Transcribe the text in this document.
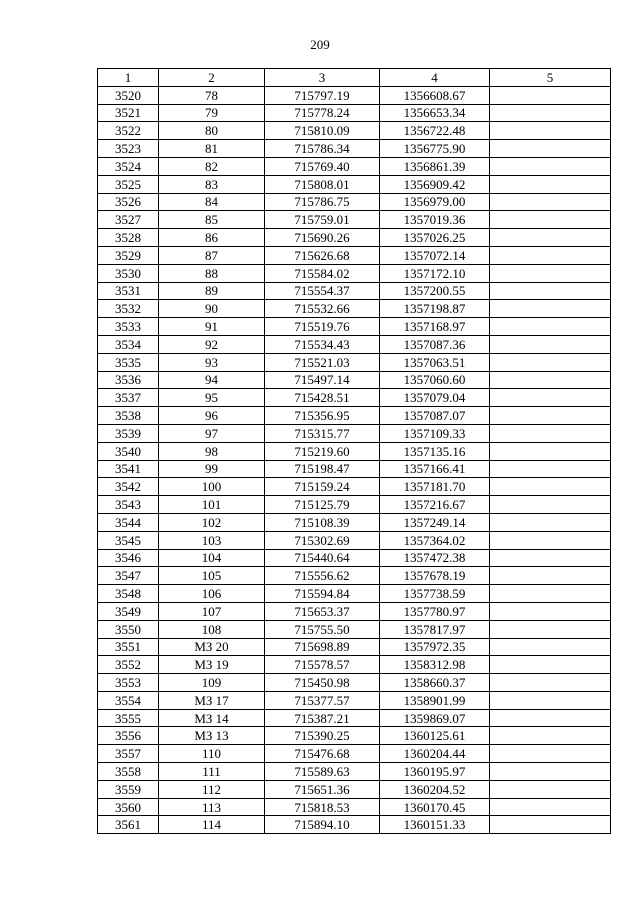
209
1	2	3	4	5
3520	78	715797.19	1356608.67	
3521	79	715778.24	1356653.34	
3522	80	715810.09	1356722.48	
3523	81	715786.34	1356775.90	
3524	82	715769.40	1356861.39	
3525	83	715808.01	1356909.42	
3526	84	715786.75	1356979.00	
3527	85	715759.01	1357019.36	
3528	86	715690.26	1357026.25	
3529	87	715626.68	1357072.14	
3530	88	715584.02	1357172.10	
3531	89	715554.37	1357200.55	
3532	90	715532.66	1357198.87	
3533	91	715519.76	1357168.97	
3534	92	715534.43	1357087.36	
3535	93	715521.03	1357063.51	
3536	94	715497.14	1357060.60	
3537	95	715428.51	1357079.04	
3538	96	715356.95	1357087.07	
3539	97	715315.77	1357109.33	
3540	98	715219.60	1357135.16	
3541	99	715198.47	1357166.41	
3542	100	715159.24	1357181.70	
3543	101	715125.79	1357216.67	
3544	102	715108.39	1357249.14	
3545	103	715302.69	1357364.02	
3546	104	715440.64	1357472.38	
3547	105	715556.62	1357678.19	
3548	106	715594.84	1357738.59	
3549	107	715653.37	1357780.97	
3550	108	715755.50	1357817.97	
3551	МЗ 20	715698.89	1357972.35	
3552	МЗ 19	715578.57	1358312.98	
3553	109	715450.98	1358660.37	
3554	МЗ 17	715377.57	1358901.99	
3555	МЗ 14	715387.21	1359869.07	
3556	МЗ 13	715390.25	1360125.61	
3557	110	715476.68	1360204.44	
3558	111	715589.63	1360195.97	
3559	112	715651.36	1360204.52	
3560	113	715818.53	1360170.45	
3561	114	715894.10	1360151.33	
